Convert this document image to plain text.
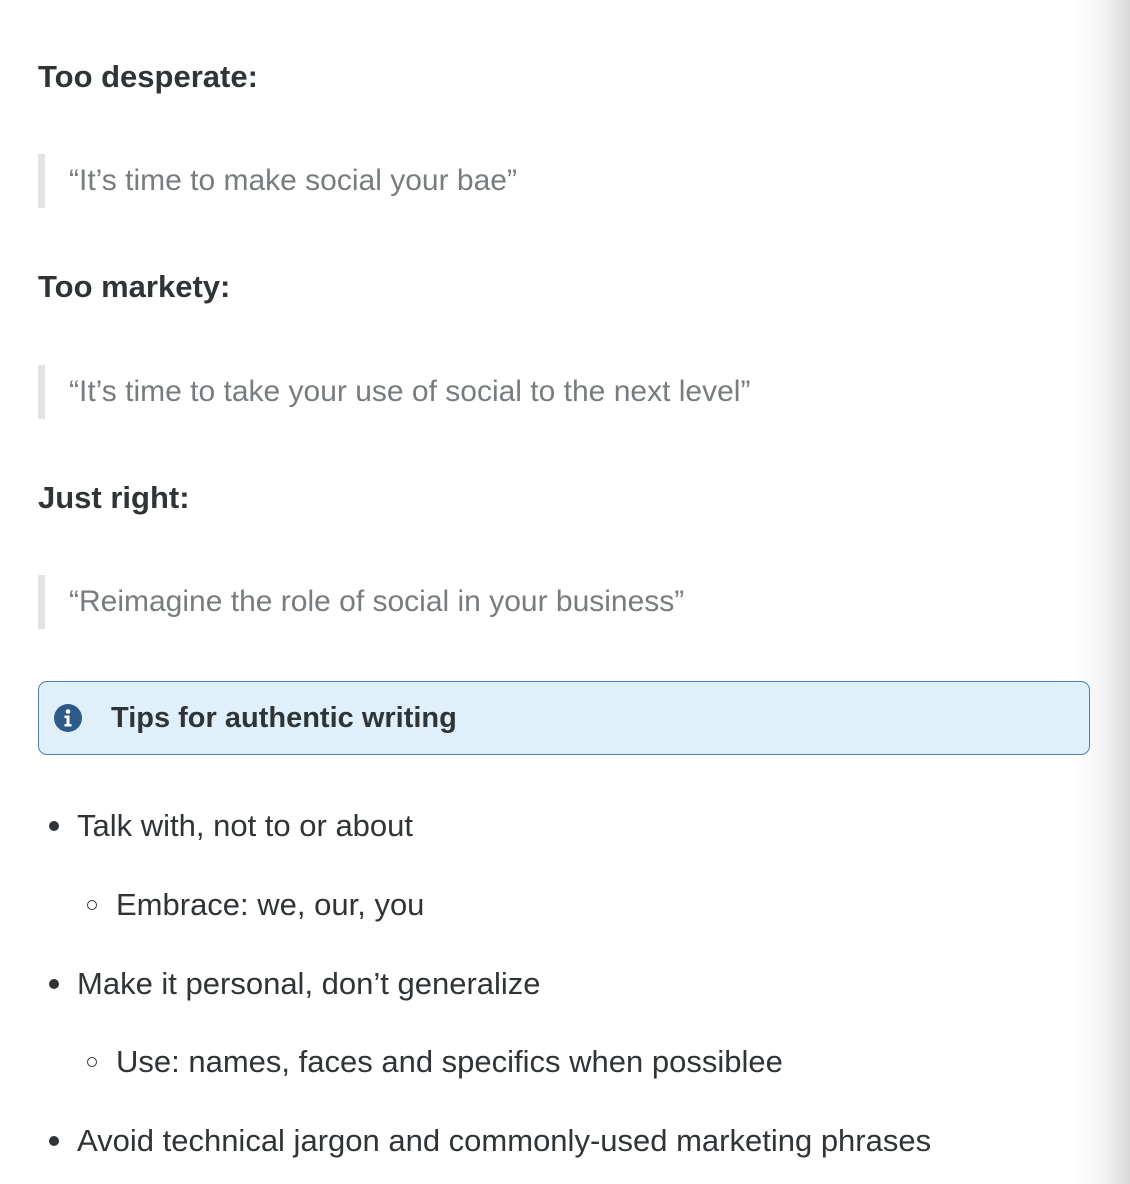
Too desperate:
“It’s time to make social your bae”
Too markety:
“It’s time to take your use of social to the next level”
Just right:
“Reimagine the role of social in your business”
Tips for authentic writing
Talk with, not to or about
Embrace: we, our, you
Make it personal, don’t generalize
Use: names, faces and specifics when possiblee
Avoid technical jargon and commonly-used marketing phrases
